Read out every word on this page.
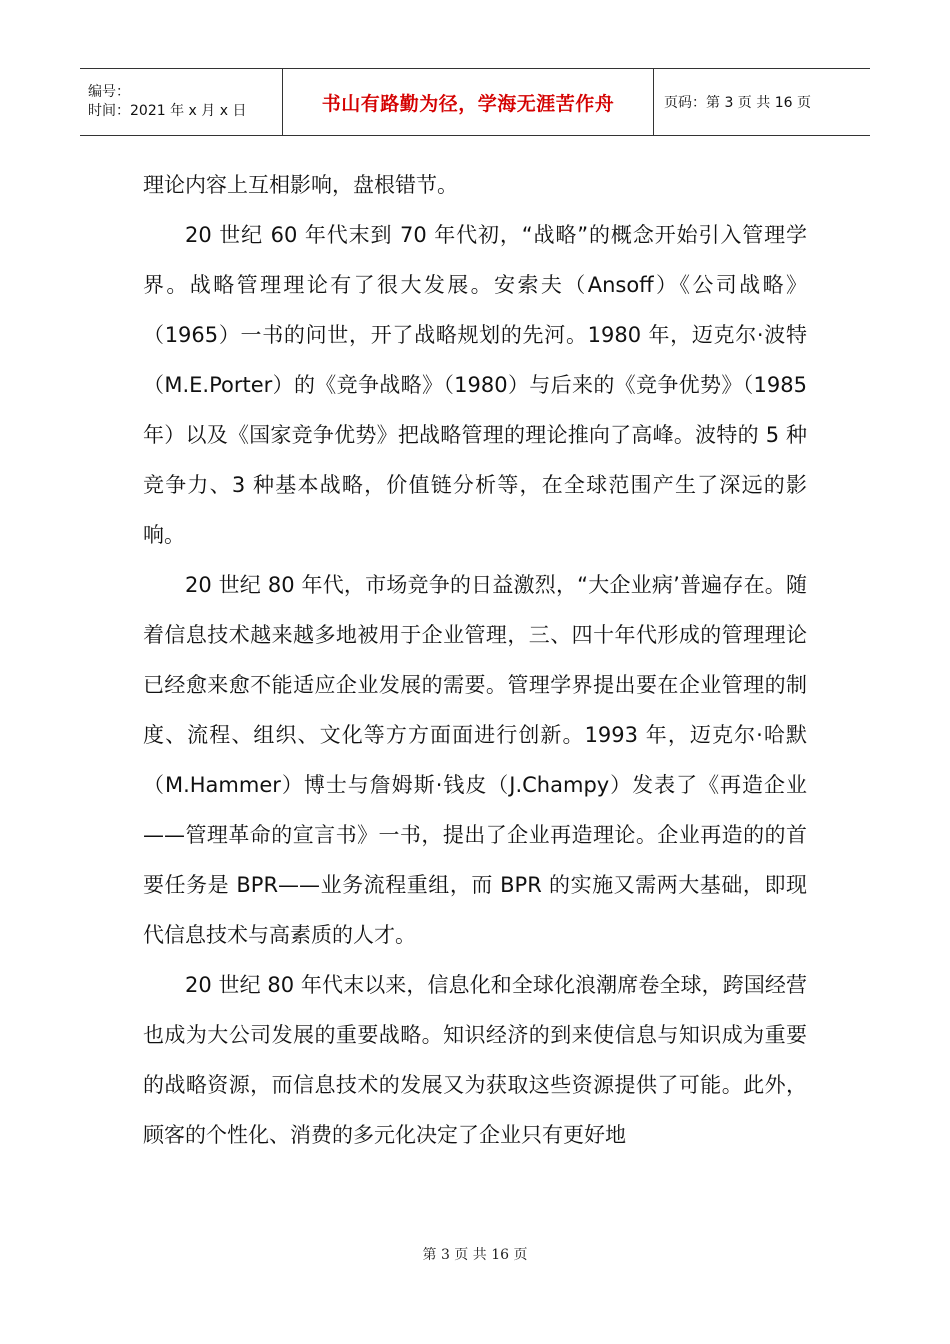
编号：
时间：2021 年 x 月 x 日	书山有路勤为径，学海无涯苦作舟	页码：第 3 页 共 16 页

理论内容上互相影响，盘根错节。

20 世纪 60 年代末到 70 年代初，“战略”的概念开始引入管理学界。战略管理理论有了很大发展。安索夫（Ansoff）《公司战略》（1965）一书的问世，开了战略规划的先河。1980 年，迈克尔·波特（M.E.Porter）的《竞争战略》（1980）与后来的《竞争优势》（1985 年）以及《国家竞争优势》把战略管理的理论推向了高峰。波特的 5 种竞争力、3 种基本战略，价值链分析等，在全球范围产生了深远的影响。

20 世纪 80 年代，市场竞争的日益激烈，“大企业病’普遍存在。随着信息技术越来越多地被用于企业管理，三、四十年代形成的管理理论已经愈来愈不能适应企业发展的需要。管理学界提出要在企业管理的制度、流程、组织、文化等方方面面进行创新。1993 年，迈克尔·哈默（M.Hammer）博士与詹姆斯·钱皮（J.Champy）发表了《再造企业——管理革命的宣言书》一书，提出了企业再造理论。企业再造的的首要任务是 BPR——业务流程重组，而 BPR 的实施又需两大基础，即现代信息技术与高素质的人才。

20 世纪 80 年代末以来，信息化和全球化浪潮席卷全球，跨国经营也成为大公司发展的重要战略。知识经济的到来使信息与知识成为重要的战略资源，而信息技术的发展又为获取这些资源提供了可能。此外，顾客的个性化、消费的多元化决定了企业只有更好地

第 3 页 共 16 页
